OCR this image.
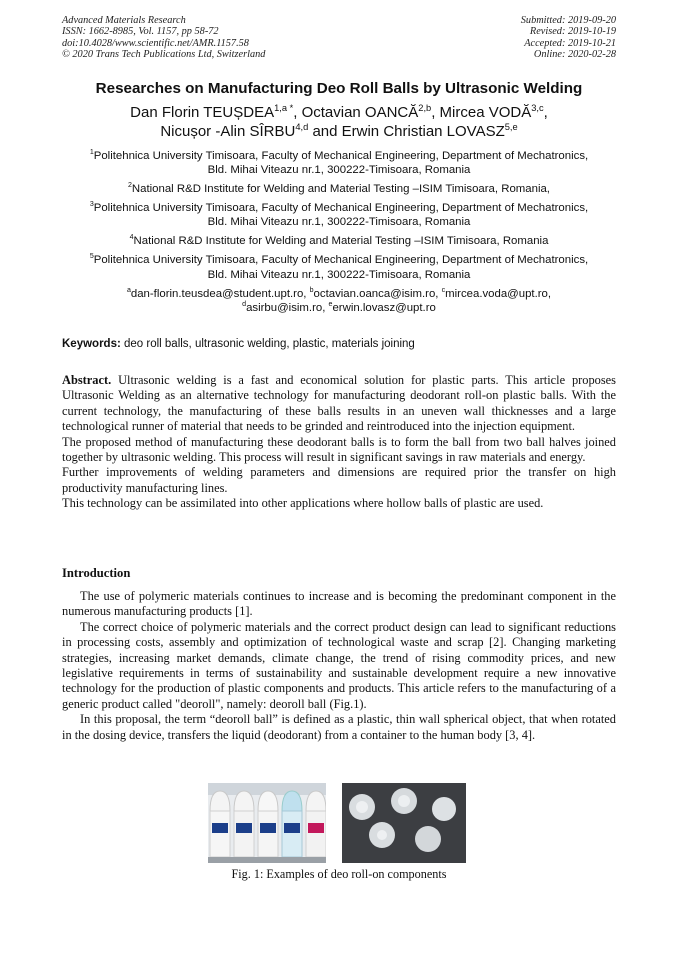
Advanced Materials Research
ISSN: 1662-8985, Vol. 1157, pp 58-72
doi:10.4028/www.scientific.net/AMR.1157.58
© 2020 Trans Tech Publications Ltd, Switzerland
Submitted: 2019-09-20
Revised: 2019-10-19
Accepted: 2019-10-21
Online: 2020-02-28
Researches on Manufacturing Deo Roll Balls by Ultrasonic Welding
Dan Florin $TEUȘDEA^{1,a *}$, Octavian OANCĂ$^{2,b}$, Mircea VODĂ$^{3,c}$,
Nicușor -Alin SÎRBU$^{4,d}$ and Erwin Christian LOVASZ$^{5,e}$
$^1$Politehnica University Timisoara, Faculty of Mechanical Engineering, Department of Mechatronics, Bld. Mihai Viteazu nr.1, 300222-Timisoara, Romania
$^2$National R&D Institute for Welding and Material Testing –ISIM Timisoara, Romania,
$^3$Politehnica University Timisoara, Faculty of Mechanical Engineering, Department of Mechatronics, Bld. Mihai Viteazu nr.1, 300222-Timisoara, Romania
$^4$National R&D Institute for Welding and Material Testing –ISIM Timisoara, Romania
$^5$Politehnica University Timisoara, Faculty of Mechanical Engineering, Department of Mechatronics, Bld. Mihai Viteazu nr.1, 300222-Timisoara, Romania
$^a$dan-florin.teusdea@student.upt.ro, $^b$octavian.oanca@isim.ro, $^c$mircea.voda@upt.ro,
$^d$asirbu@isim.ro, $^e$erwin.lovasz@upt.ro
Keywords: deo roll balls, ultrasonic welding, plastic, materials joining

Abstract. Ultrasonic welding is a fast and economical solution for plastic parts. This article proposes Ultrasonic Welding as an alternative technology for manufacturing deodorant roll-on plastic balls. With the current technology, the manufacturing of these balls results in an uneven wall thicknesses and a large technological runner of material that needs to be grinded and reintroduced into the injection equipment.

The proposed method of manufacturing these deodorant balls is to form the ball from two ball halves joined together by ultrasonic welding. This process will result in significant savings in raw materials and energy.

Further improvements of welding parameters and dimensions are required prior the transfer on high productivity manufacturing lines.

This technology can be assimilated into other applications where hollow balls of plastic are used.

Introduction

The use of polymeric materials continues to increase and is becoming the predominant component in the numerous manufacturing products [1].

The correct choice of polymeric materials and the correct product design can lead to significant reductions in processing costs, assembly and optimization of technological waste and scrap [2]. Changing marketing strategies, increasing market demands, climate change, the trend of rising commodity prices, and new legislative requirements in terms of sustainability and sustainable development require a new innovative technology for the production of plastic components and products. This article refers to the manufacturing of a generic product called "deoroll", namely: deoroll ball (Fig.1).

In this proposal, the term “deoroll ball” is defined as a plastic, thin wall spherical object, that when rotated in the dosing device, transfers the liquid (deodorant) from a container to the human body [3, 4].

Fig. 1: Examples of deo roll-on components
